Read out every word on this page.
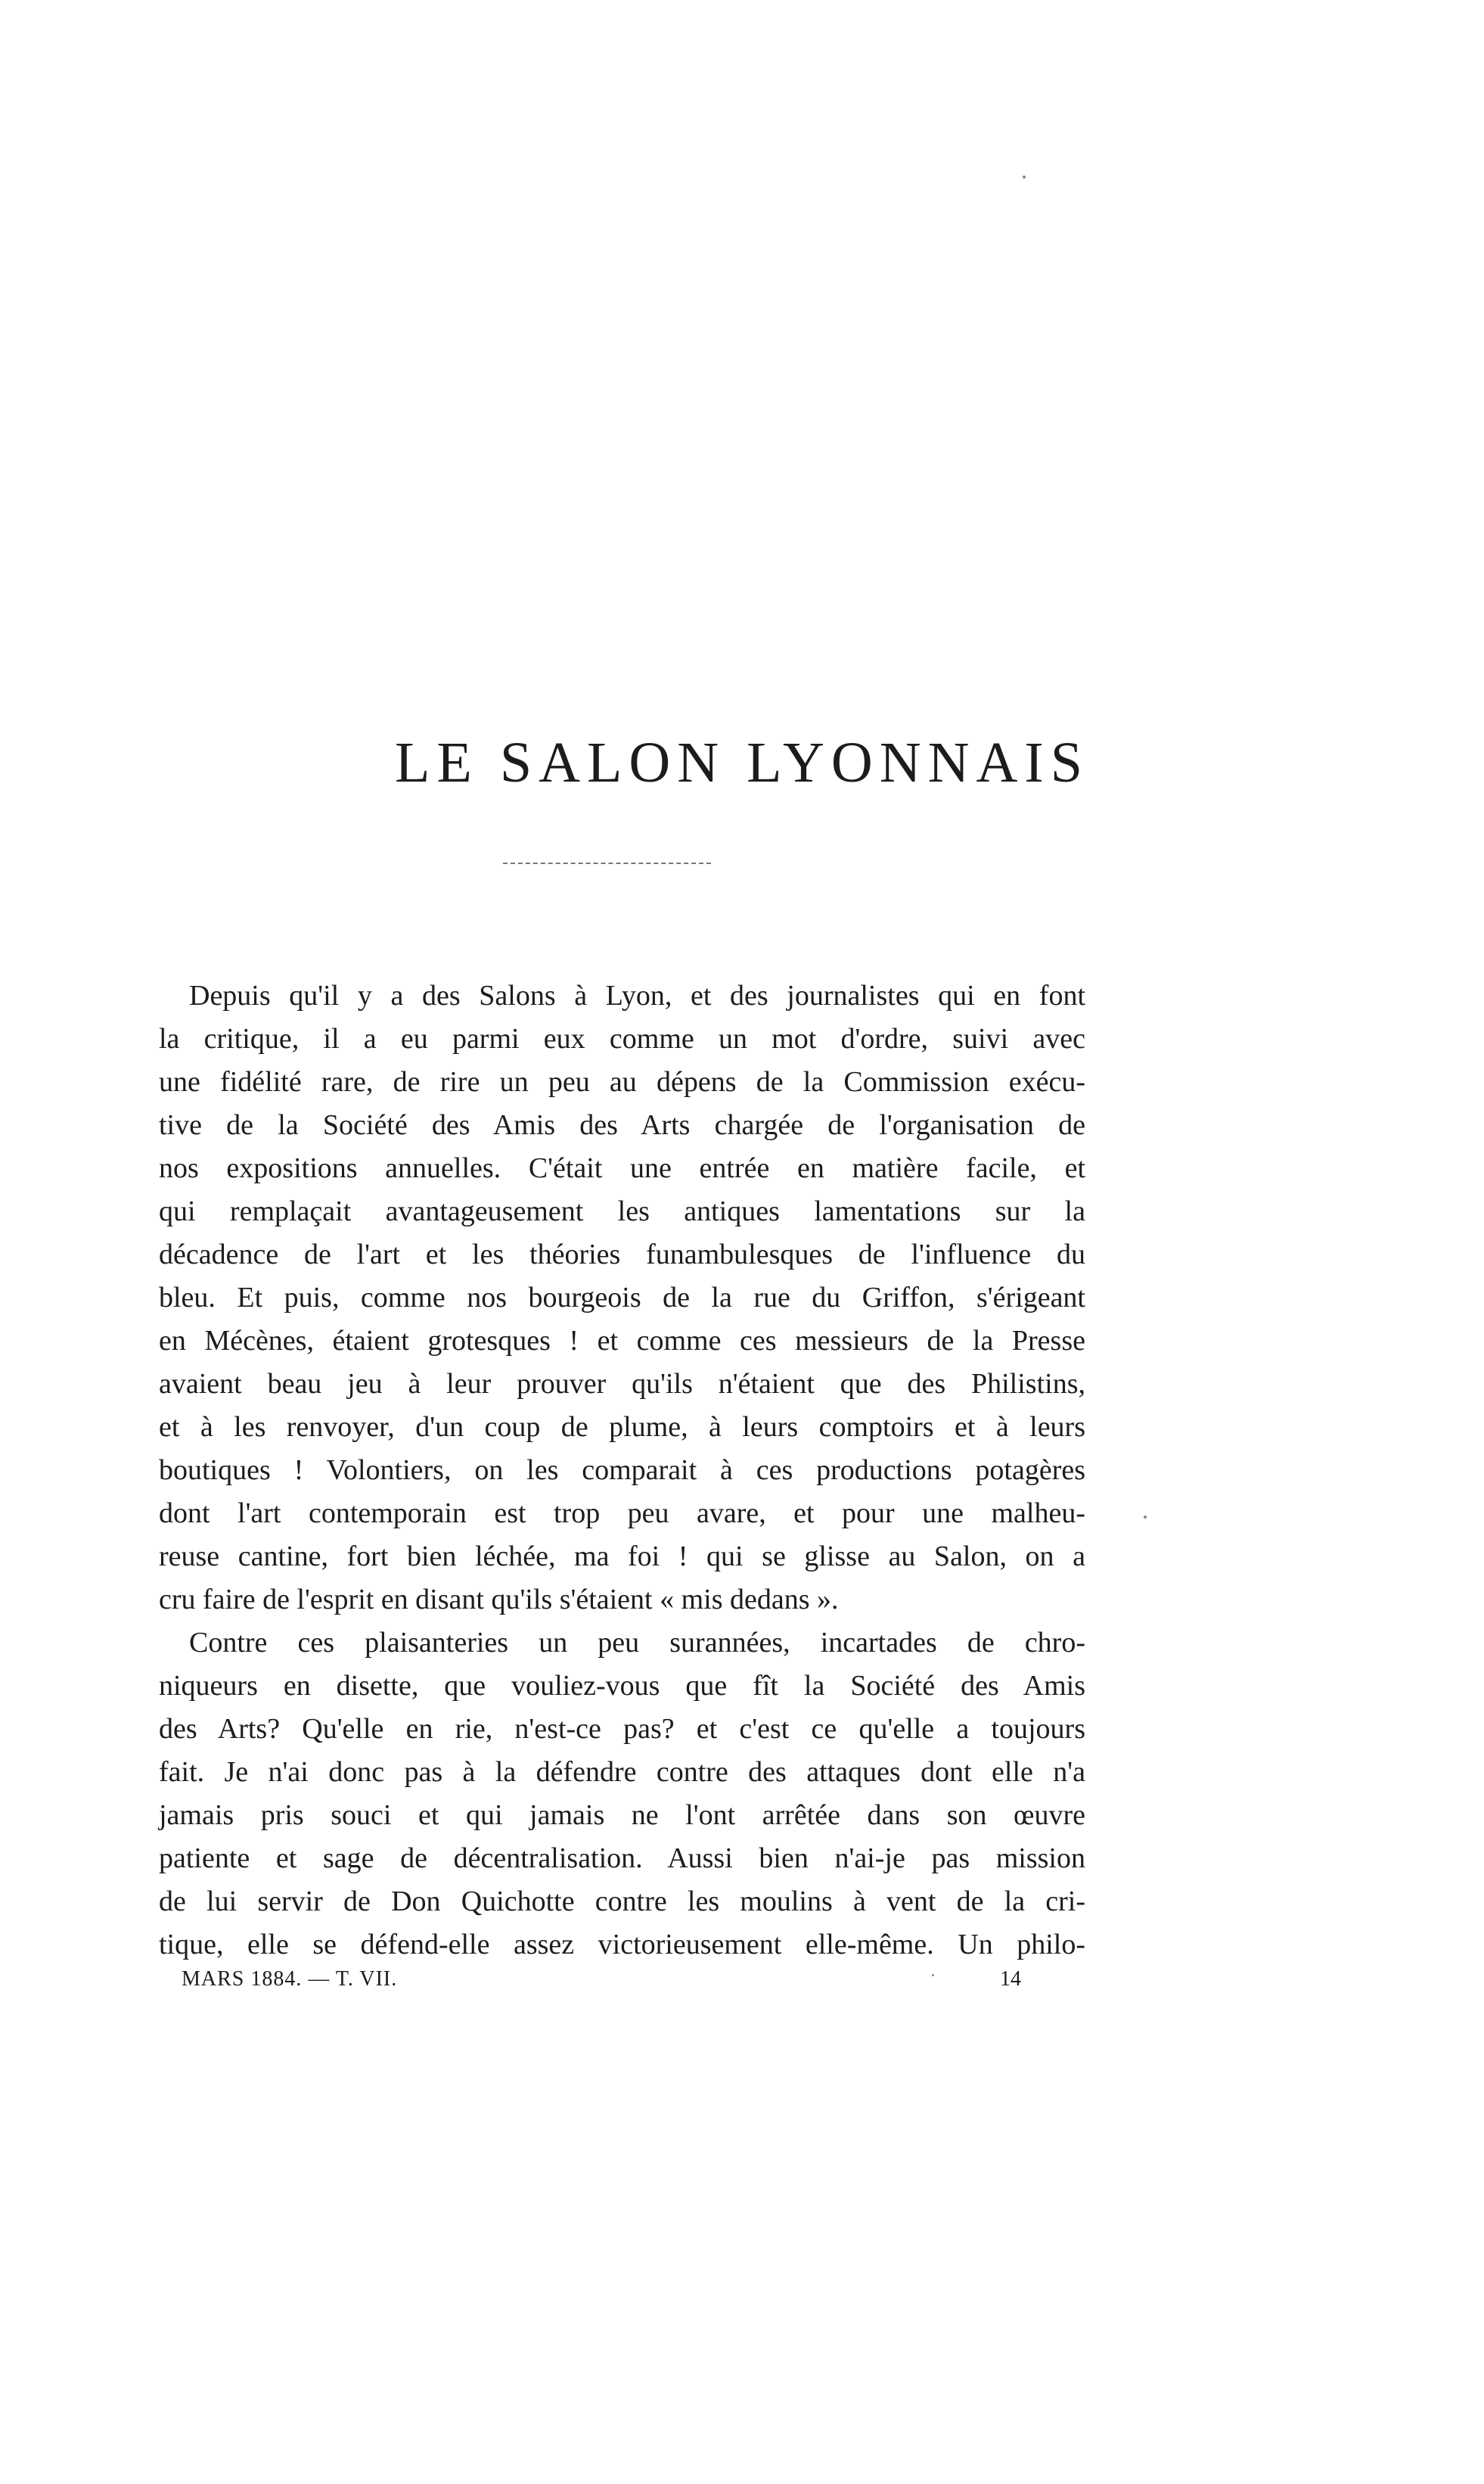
LE SALON LYONNAIS
Depuis qu'il y a des Salons à Lyon, et des journalistes qui en font
la critique, il a eu parmi eux comme un mot d'ordre, suivi avec
une fidélité rare, de rire un peu au dépens de la Commission exécu-
tive de la Société des Amis des Arts chargée de l'organisation de
nos expositions annuelles. C'était une entrée en matière facile, et
qui remplaçait avantageusement les antiques lamentations sur la
décadence de l'art et les théories funambulesques de l'influence du
bleu. Et puis, comme nos bourgeois de la rue du Griffon, s'érigeant
en Mécènes, étaient grotesques ! et comme ces messieurs de la Presse
avaient beau jeu à leur prouver qu'ils n'étaient que des Philistins,
et à les renvoyer, d'un coup de plume, à leurs comptoirs et à leurs
boutiques ! Volontiers, on les comparait à ces productions potagères
dont l'art contemporain est trop peu avare, et pour une malheu-
reuse cantine, fort bien léchée, ma foi ! qui se glisse au Salon, on a
cru faire de l'esprit en disant qu'ils s'étaient « mis dedans ».
Contre ces plaisanteries un peu surannées, incartades de chro-
niqueurs en disette, que vouliez-vous que fît la Société des Amis
des Arts? Qu'elle en rie, n'est-ce pas? et c'est ce qu'elle a toujours
fait. Je n'ai donc pas à la défendre contre des attaques dont elle n'a
jamais pris souci et qui jamais ne l'ont arrêtée dans son œuvre
patiente et sage de décentralisation. Aussi bien n'ai-je pas mission
de lui servir de Don Quichotte contre les moulins à vent de la cri-
tique, elle se défend-elle assez victorieusement elle-même. Un philo-
MARS 1884. — T. VII.	14
